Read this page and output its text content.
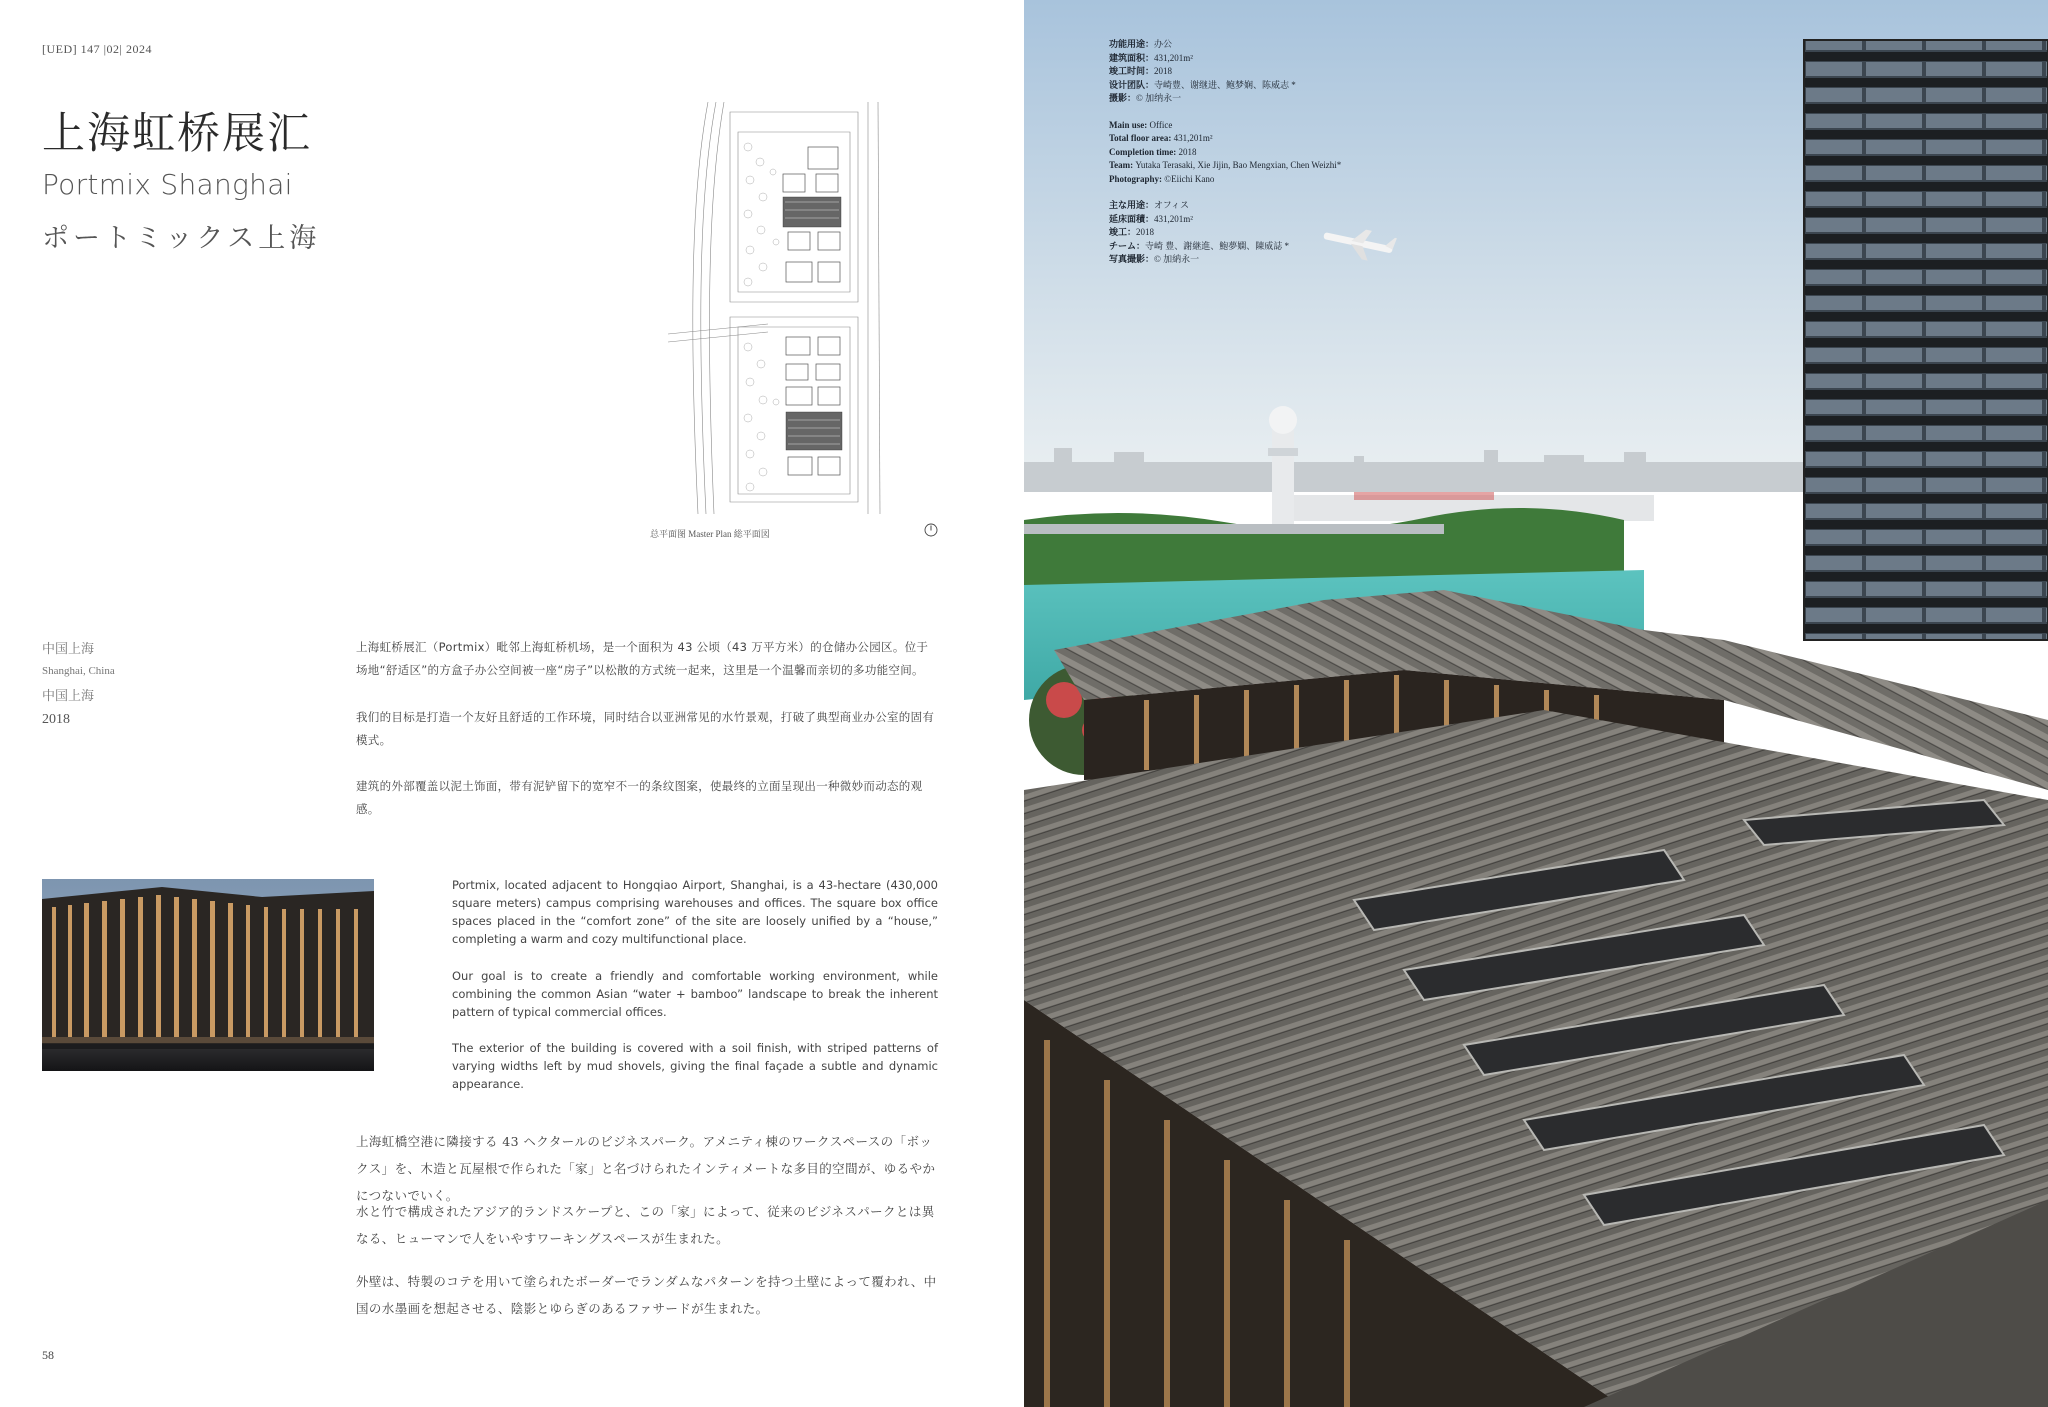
[UED] 147 |02| 2024
上海虹桥展汇
Portmix Shanghai
ポートミックス上海
总平面图 Master Plan 総平面図
中国上海
Shanghai, China
中国上海
2018

上海虹桥展汇（Portmix）毗邻上海虹桥机场，是一个面积为 43 公顷（43 万平方米）的仓储办公园区。位于场地“舒适区”的方盒子办公空间被一座“房子”以松散的方式统一起来，这里是一个温馨而亲切的多功能空间。

我们的目标是打造一个友好且舒适的工作环境，同时结合以亚洲常见的水竹景观，打破了典型商业办公室的固有模式。

建筑的外部覆盖以泥土饰面，带有泥铲留下的宽窄不一的条纹图案，使最终的立面呈现出一种微妙而动态的观感。

Portmix, located adjacent to Hongqiao Airport, Shanghai, is a 43-hectare (430,000 square meters) campus comprising warehouses and offices. The square box office spaces placed in the “comfort zone” of the site are loosely unified by a “house,” completing a warm and cozy multifunctional place.

Our goal is to create a friendly and comfortable working environment, while combining the common Asian “water + bamboo” landscape to break the inherent pattern of typical commercial offices.

The exterior of the building is covered with a soil finish, with striped patterns of varying widths left by mud shovels, giving the final façade a subtle and dynamic appearance.

上海虹橋空港に隣接する 43 ヘクタールのビジネスパーク。アメニティ棟のワークスペースの「ボックス」を、木造と瓦屋根で作られた「家」と名づけられたインティメートな多目的空間が、ゆるやかにつないでいく。

水と竹で構成されたアジア的ランドスケープと、この「家」によって、従来のビジネスパークとは異なる、ヒューマンで人をいやすワーキングスペースが生まれた。

外壁は、特製のコテを用いて塗られたボーダーでランダムなパターンを持つ土壁によって覆われ、中国の水墨画を想起させる、陰影とゆらぎのあるファサードが生まれた。

58
功能用途：办公
建筑面积：431,201m²
竣工时间：2018
设计团队：寺崎豊、谢继进、鲍梦娴、陈威志 *
摄影：© 加纳永一
Main use: Office
Total floor area: 431,201m²
Completion time: 2018
Team: Yutaka Terasaki, Xie Jijin, Bao Mengxian, Chen Weizhi*
Photography: ©Eiichi Kano
主な用途：オフィス
延床面積：431,201m²
竣工：2018
チーム：寺崎 豊、謝継進、鮑夢嫻、陳威誌 *
写真撮影：© 加納永一
